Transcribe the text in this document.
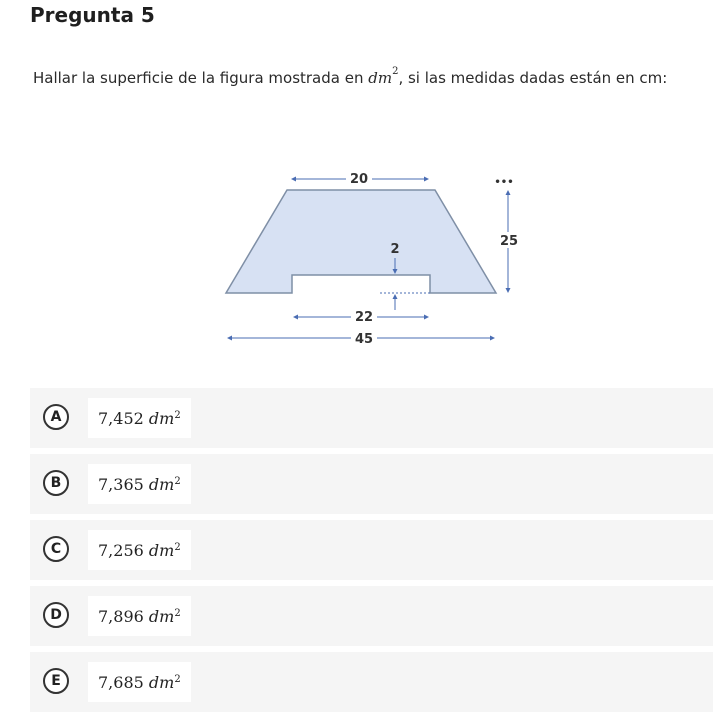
Pregunta 5
Hallar la superficie de la figura mostrada en $dm^2$, si las medidas dadas están en cm:
20
25
•••
2
22
45
A	7,452
$dm^2$
B	7,365
$dm^2$
C	7,256
$dm^2$
D	7,896
$dm^2$
E	7,685
$dm^2$
